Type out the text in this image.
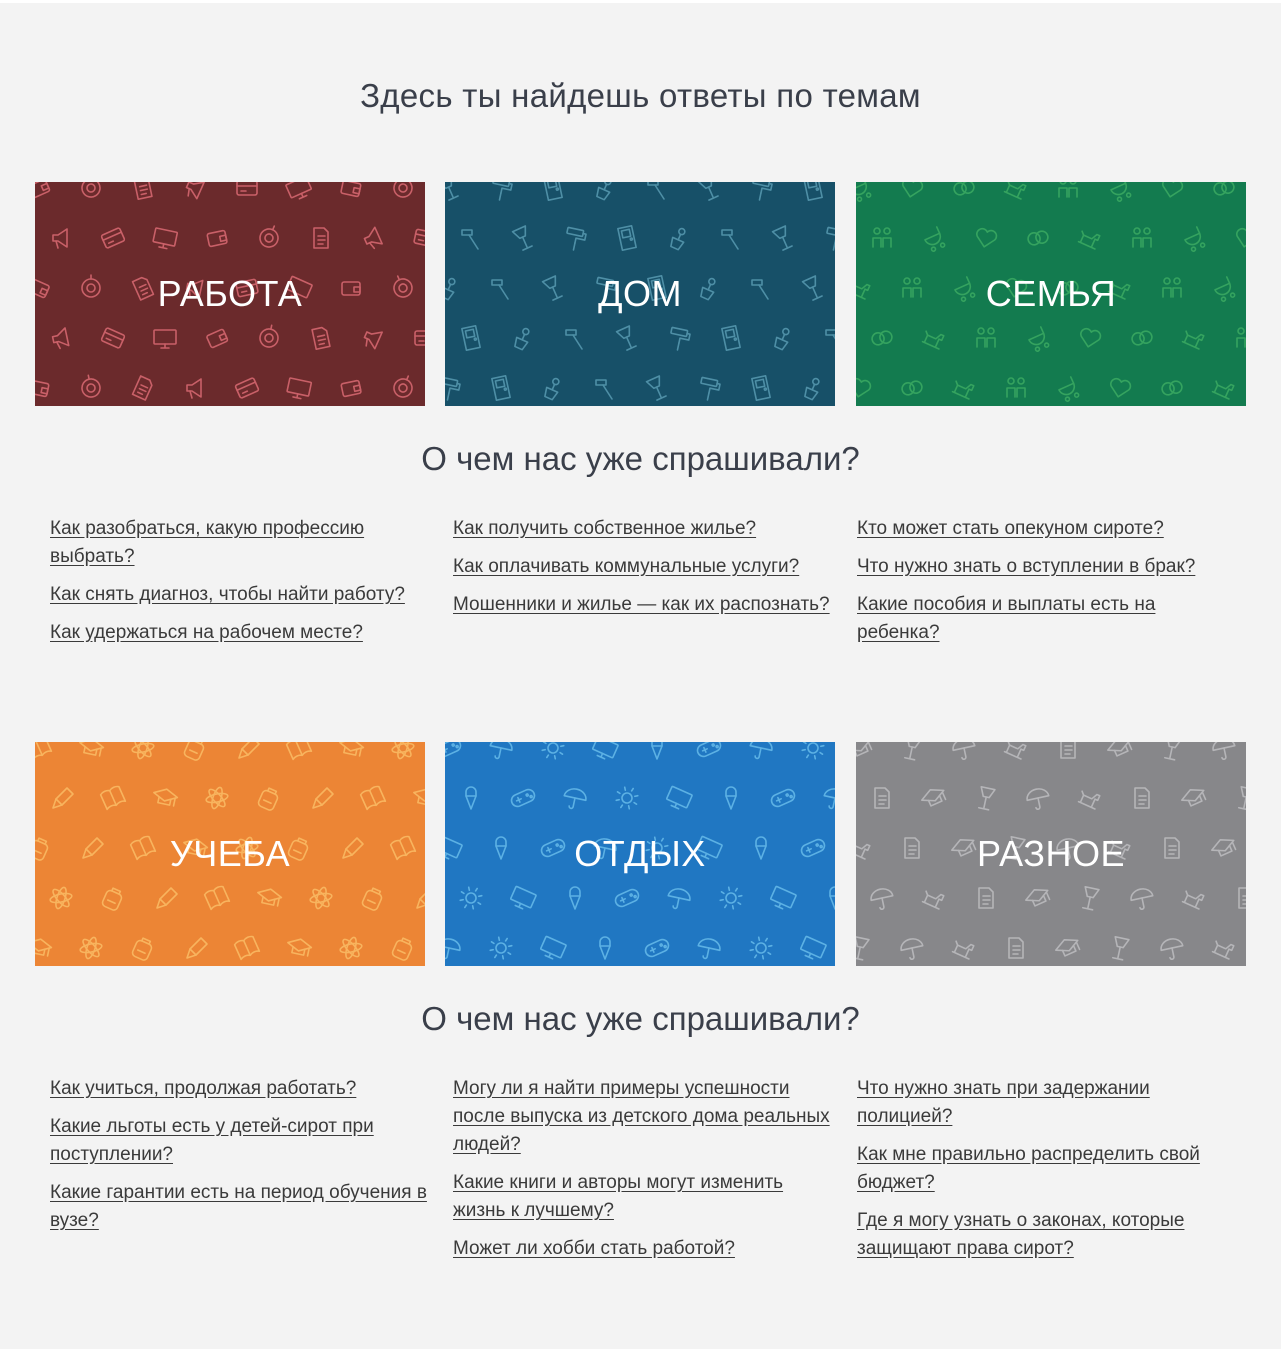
Здесь ты найдешь ответы по темам
РАБОТА	ДОМ	СЕМЬЯ
О чем нас уже спрашивали?
Как разобраться, какую профессию выбрать?
Как снять диагноз, чтобы найти работу?
Как удержаться на рабочем месте?
Как получить собственное жилье?
Как оплачивать коммунальные услуги?
Мошенники и жилье — как их распознать?
Кто может стать опекуном сироте?
Что нужно знать о вступлении в брак?
Какие пособия и выплаты есть на ребенка?
УЧЕБА	ОТДЫХ	РАЗНОЕ
О чем нас уже спрашивали?
Как учиться, продолжая работать?
Какие льготы есть у детей-сирот при поступлении?
Какие гарантии есть на период обучения в вузе?
Могу ли я найти примеры успешности после выпуска из детского дома реальных людей?
Какие книги и авторы могут изменить жизнь к лучшему?
Может ли хобби стать работой?
Что нужно знать при задержании полицией?
Как мне правильно распределить свой бюджет?
Где я могу узнать о законах, которые защищают права сирот?
